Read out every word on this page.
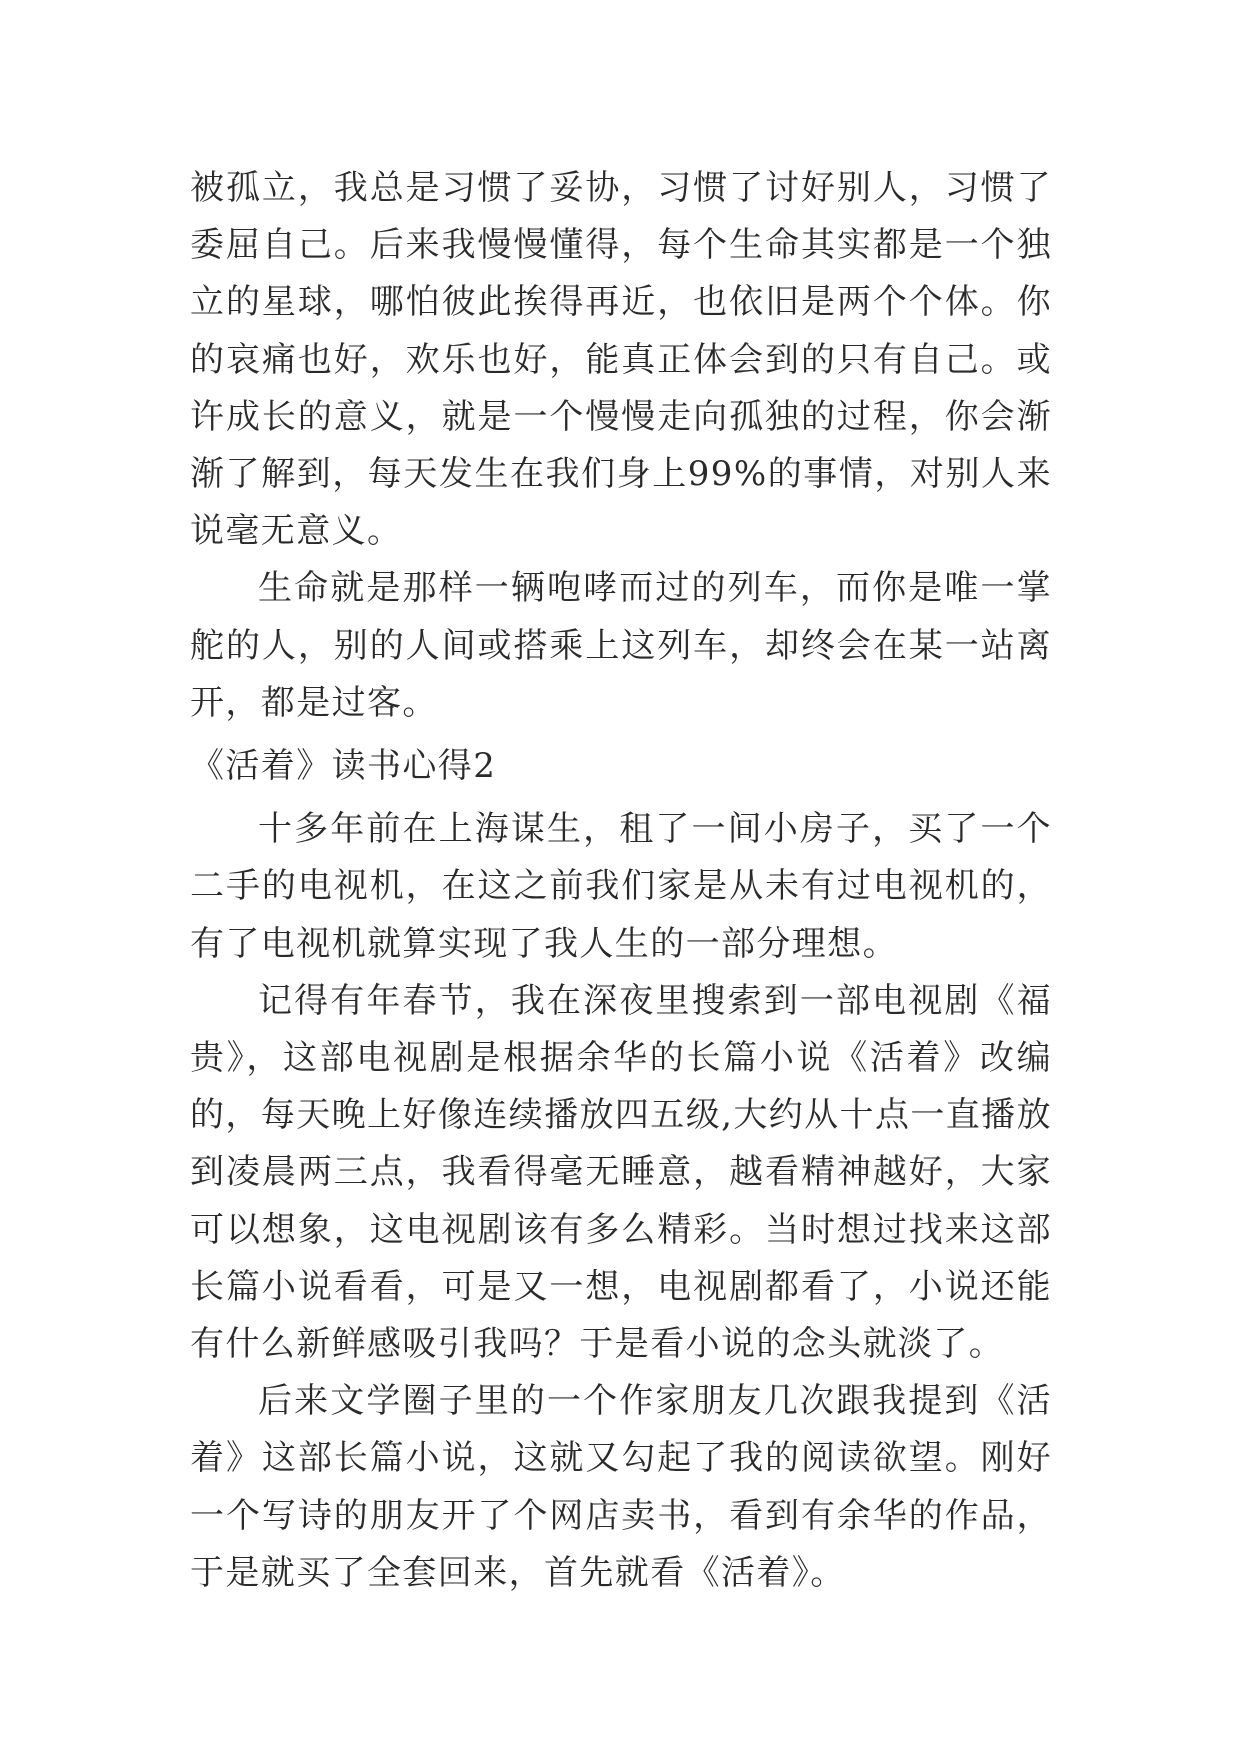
被孤立，我总是习惯了妥协，习惯了讨好别人，习惯了委屈自己。后来我慢慢懂得，每个生命其实都是一个独立的星球，哪怕彼此挨得再近，也依旧是两个个体。你的哀痛也好，欢乐也好，能真正体会到的只有自己。或许成长的意义，就是一个慢慢走向孤独的过程，你会渐渐了解到，每天发生在我们身上99%的事情，对别人来说毫无意义。

生命就是那样一辆咆哮而过的列车，而你是唯一掌舵的人，别的人间或搭乘上这列车，却终会在某一站离开，都是过客。

《活着》读书心得2

十多年前在上海谋生，租了一间小房子，买了一个二手的电视机，在这之前我们家是从未有过电视机的，有了电视机就算实现了我人生的一部分理想。

记得有年春节，我在深夜里搜索到一部电视剧《福贵》，这部电视剧是根据余华的长篇小说《活着》改编的，每天晚上好像连续播放四五级,大约从十点一直播放到凌晨两三点，我看得毫无睡意，越看精神越好，大家可以想象，这电视剧该有多么精彩。当时想过找来这部长篇小说看看，可是又一想，电视剧都看了，小说还能有什么新鲜感吸引我吗？于是看小说的念头就淡了。

后来文学圈子里的一个作家朋友几次跟我提到《活着》这部长篇小说，这就又勾起了我的阅读欲望。刚好一个写诗的朋友开了个网店卖书，看到有余华的作品，于是就买了全套回来，首先就看《活着》。
